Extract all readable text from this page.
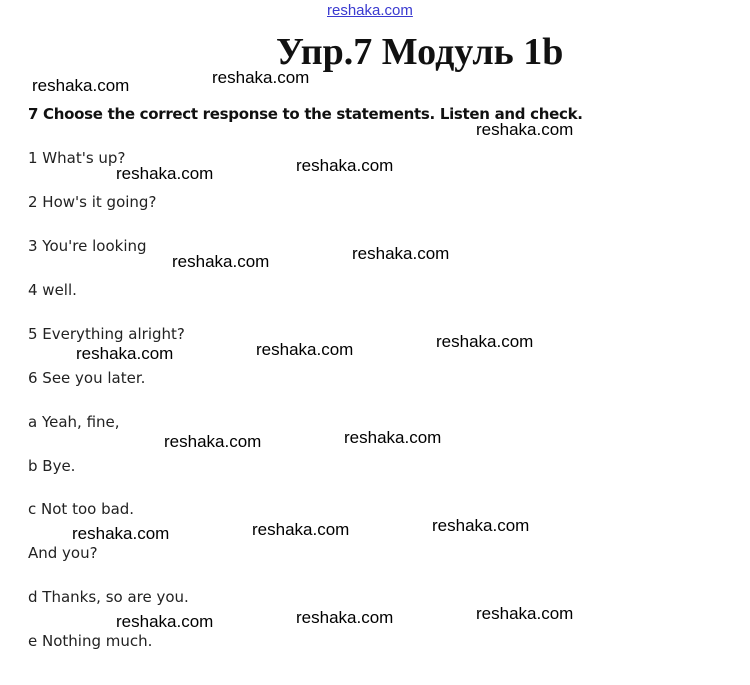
reshaka.com
Упр.7 Модуль 1b
7 Choose the correct response to the statements. Listen and check.
1 What's up?
2 How's it going?
3 You're looking
4 well.
5 Everything alright?
6 See you later.
a Yeah, fine,
b Bye.
c Not too bad.
And you?
d Thanks, so are you.
e Nothing much.
reshaka.com	reshaka.com
reshaka.com
reshaka.com
reshaka.com
reshaka.com
reshaka.com
reshaka.com
reshaka.com
reshaka.com
reshaka.com
reshaka.com
reshaka.com
reshaka.com
reshaka.com
reshaka.com
reshaka.com
reshaka.com
